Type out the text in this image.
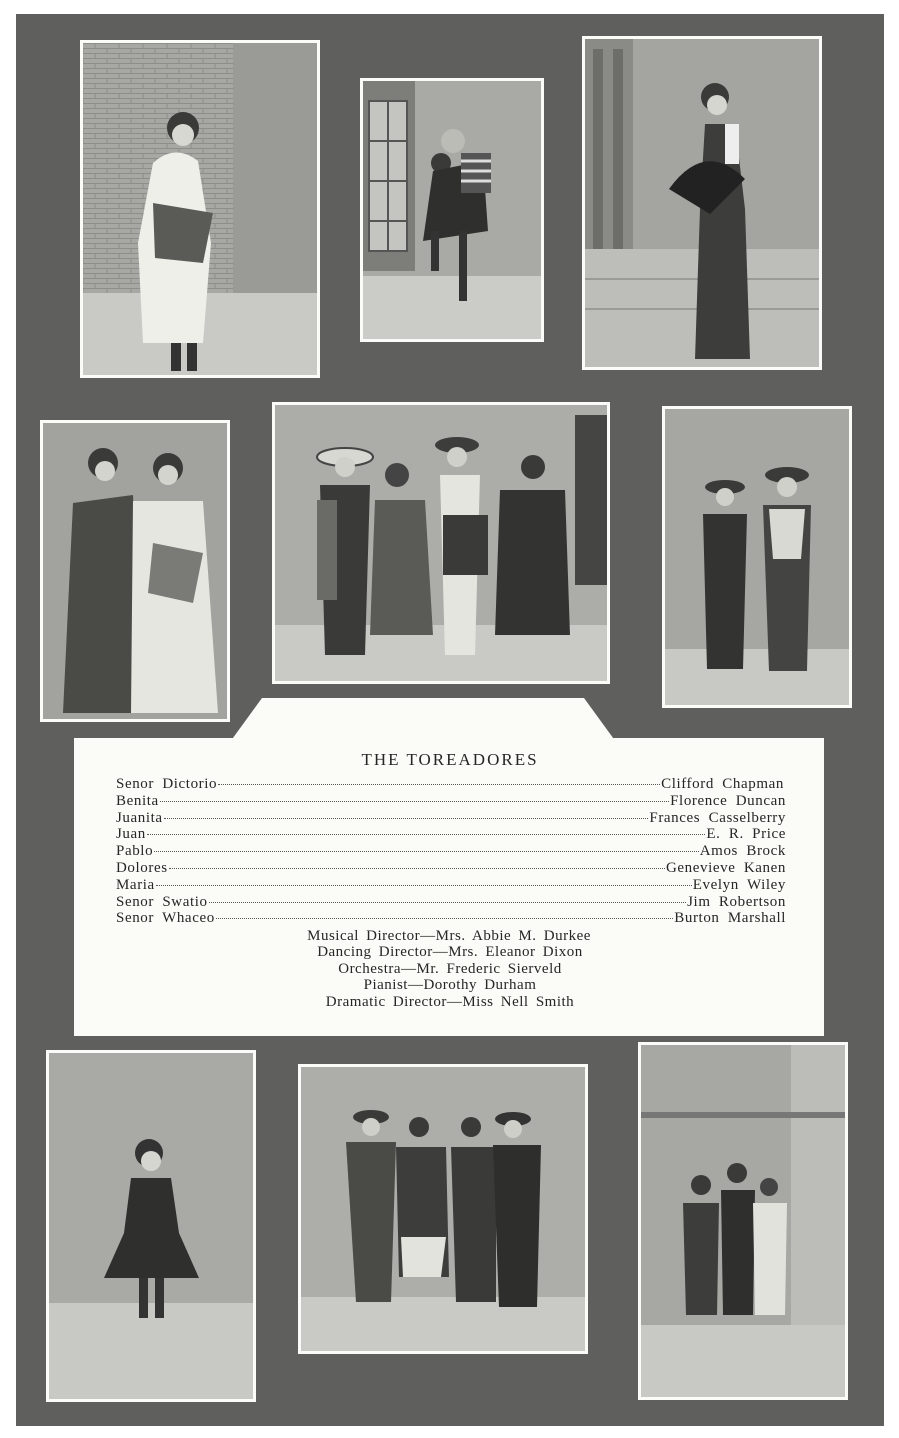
THE TOREADORES
Senor Dictorio	Clifford Chapman
Benita	Florence Duncan
Juanita	Frances Casselberry
Juan	E. R. Price
Pablo	Amos Brock
Dolores	Genevieve Kanen
Maria	Evelyn Wiley
Senor Swatio	Jim Robertson
Senor Whaceo	Burton Marshall
Musical Director—Mrs. Abbie M. Durkee
Dancing Director—Mrs. Eleanor Dixon
Orchestra—Mr. Frederic Sierveld
Pianist—Dorothy Durham
Dramatic Director—Miss Nell Smith
